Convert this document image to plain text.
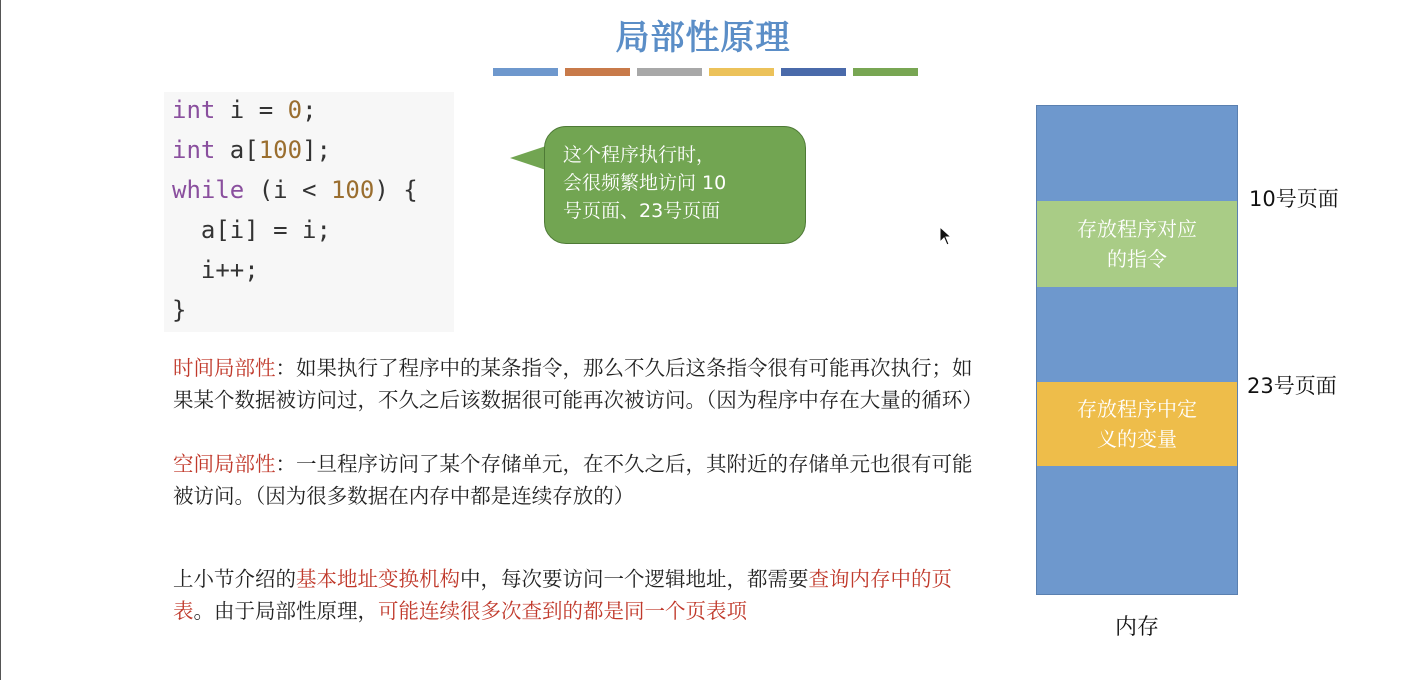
局部性原理
int i = 0;
int a[100];
while (i < 100) {
a[i] = i;
i++;
}
这个程序执行时，
会很频繁地访问 10
号页面、23号页面
时间局部性：如果执行了程序中的某条指令，那么不久后这条指令很有可能再次执行；如果某个数据被访问过，不久之后该数据很可能再次被访问。（因为程序中存在大量的循环）
空间局部性：一旦程序访问了某个存储单元，在不久之后，其附近的存储单元也很有可能被访问。（因为很多数据在内存中都是连续存放的）
上小节介绍的基本地址变换机构中，每次要访问一个逻辑地址，都需要查询内存中的页表。由于局部性原理，可能连续很多次查到的都是同一个页表项
存放程序对应
的指令
存放程序中定
义的变量
10号页面
23号页面
内存
